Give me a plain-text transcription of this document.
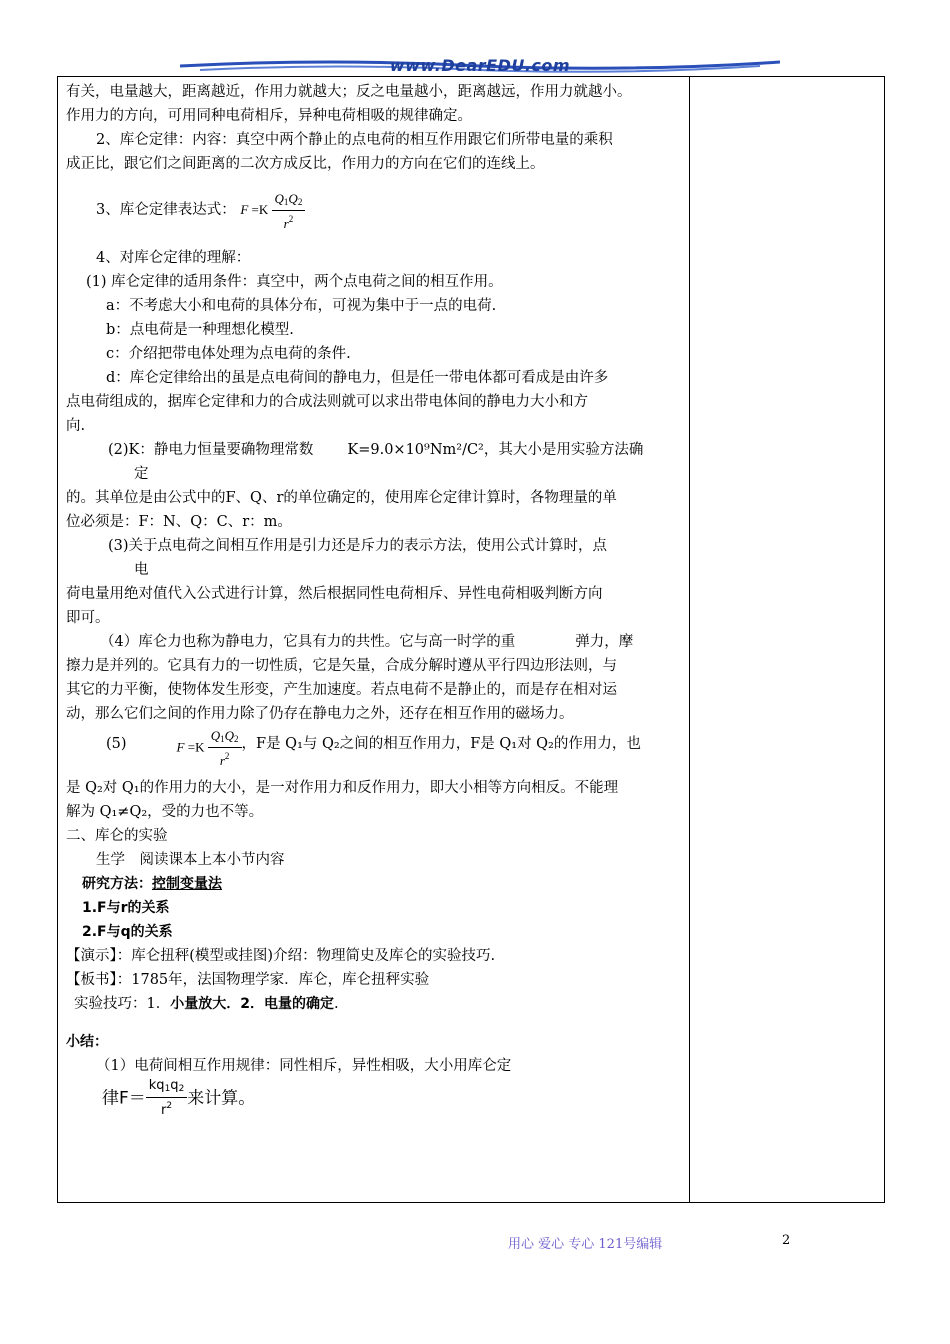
www.DearEDU.com
有关，电量越大，距离越近，作用力就越大；反之电量越小，距离越远，作用力就越小。
作用力的方向，可用同种电荷相斥，异种电荷相吸的规律确定。
2、库仑定律：内容：真空中两个静止的点电荷的相互作用跟它们所带电量的乘积
成正比，跟它们之间距离的二次方成反比，作用力的方向在它们的连线上。
3、库仑定律表达式： $F =K \frac{Q_1Q_2}{r^2}$
4、对库仑定律的理解：
(1) 库仑定律的适用条件：真空中，两个点电荷之间的相互作用。
a：不考虑大小和电荷的具体分布，可视为集中于一点的电荷.
b：点电荷是一种理想化模型.
c：介绍把带电体处理为点电荷的条件.
d：库仑定律给出的虽是点电荷间的静电力，但是任一带电体都可看成是由许多
点电荷组成的，据库仑定律和力的合成法则就可以求出带电体间的静电力大小和方
向.
(2)K：静电力恒量要确物理常数 K=9.0×10⁹Nm²/C²，其大小是用实验方法确
定
的。其单位是由公式中的F、Q、r的单位确定的，使用库仑定律计算时，各物理量的单
位必须是：F：N、Q：C、r：m。
(3)关于点电荷之间相互作用是引力还是斥力的表示方法，使用公式计算时，点
电
荷电量用绝对值代入公式进行计算，然后根据同性电荷相斥、异性电荷相吸判断方向
即可。
（4）库仑力也称为静电力，它具有力的共性。它与高一时学的重	弹力，摩
擦力是并列的。它具有力的一切性质，它是矢量，合成分解时遵从平行四边形法则，与
其它的力平衡，使物体发生形变，产生加速度。若点电荷不是静止的，而是存在相对运
动，那么它们之间的作用力除了仍存在静电力之外，还存在相互作用的磁场力。
(5)	$F =K \frac{Q_1Q_2}{r^2}$ ，F是 Q₁与 Q₂之间的相互作用力，F是 Q₁对 Q₂的作用力，也
是 Q₂对 Q₁的作用力的大小，是一对作用力和反作用力，即大小相等方向相反。不能理
解为 Q₁≠Q₂，受的力也不等。
二、库仑的实验
生学　阅读课本上本小节内容
研究方法：控制变量法
1.F与r的关系
2.F与q的关系
【演示】：库仑扭秤(模型或挂图)介绍：物理简史及库仑的实验技巧.
【板书】：1785年，法国物理学家．库仑，库仑扭秤实验
实验技巧：1．小量放大．2．电量的确定.
小结：
（1）电荷间相互作用规律：同性相斥，异性相吸，大小用库仑定
律$F= \frac{kq_1q_2}{r^2}$ 来计算。
用心 爱心 专心 121号编辑	2
